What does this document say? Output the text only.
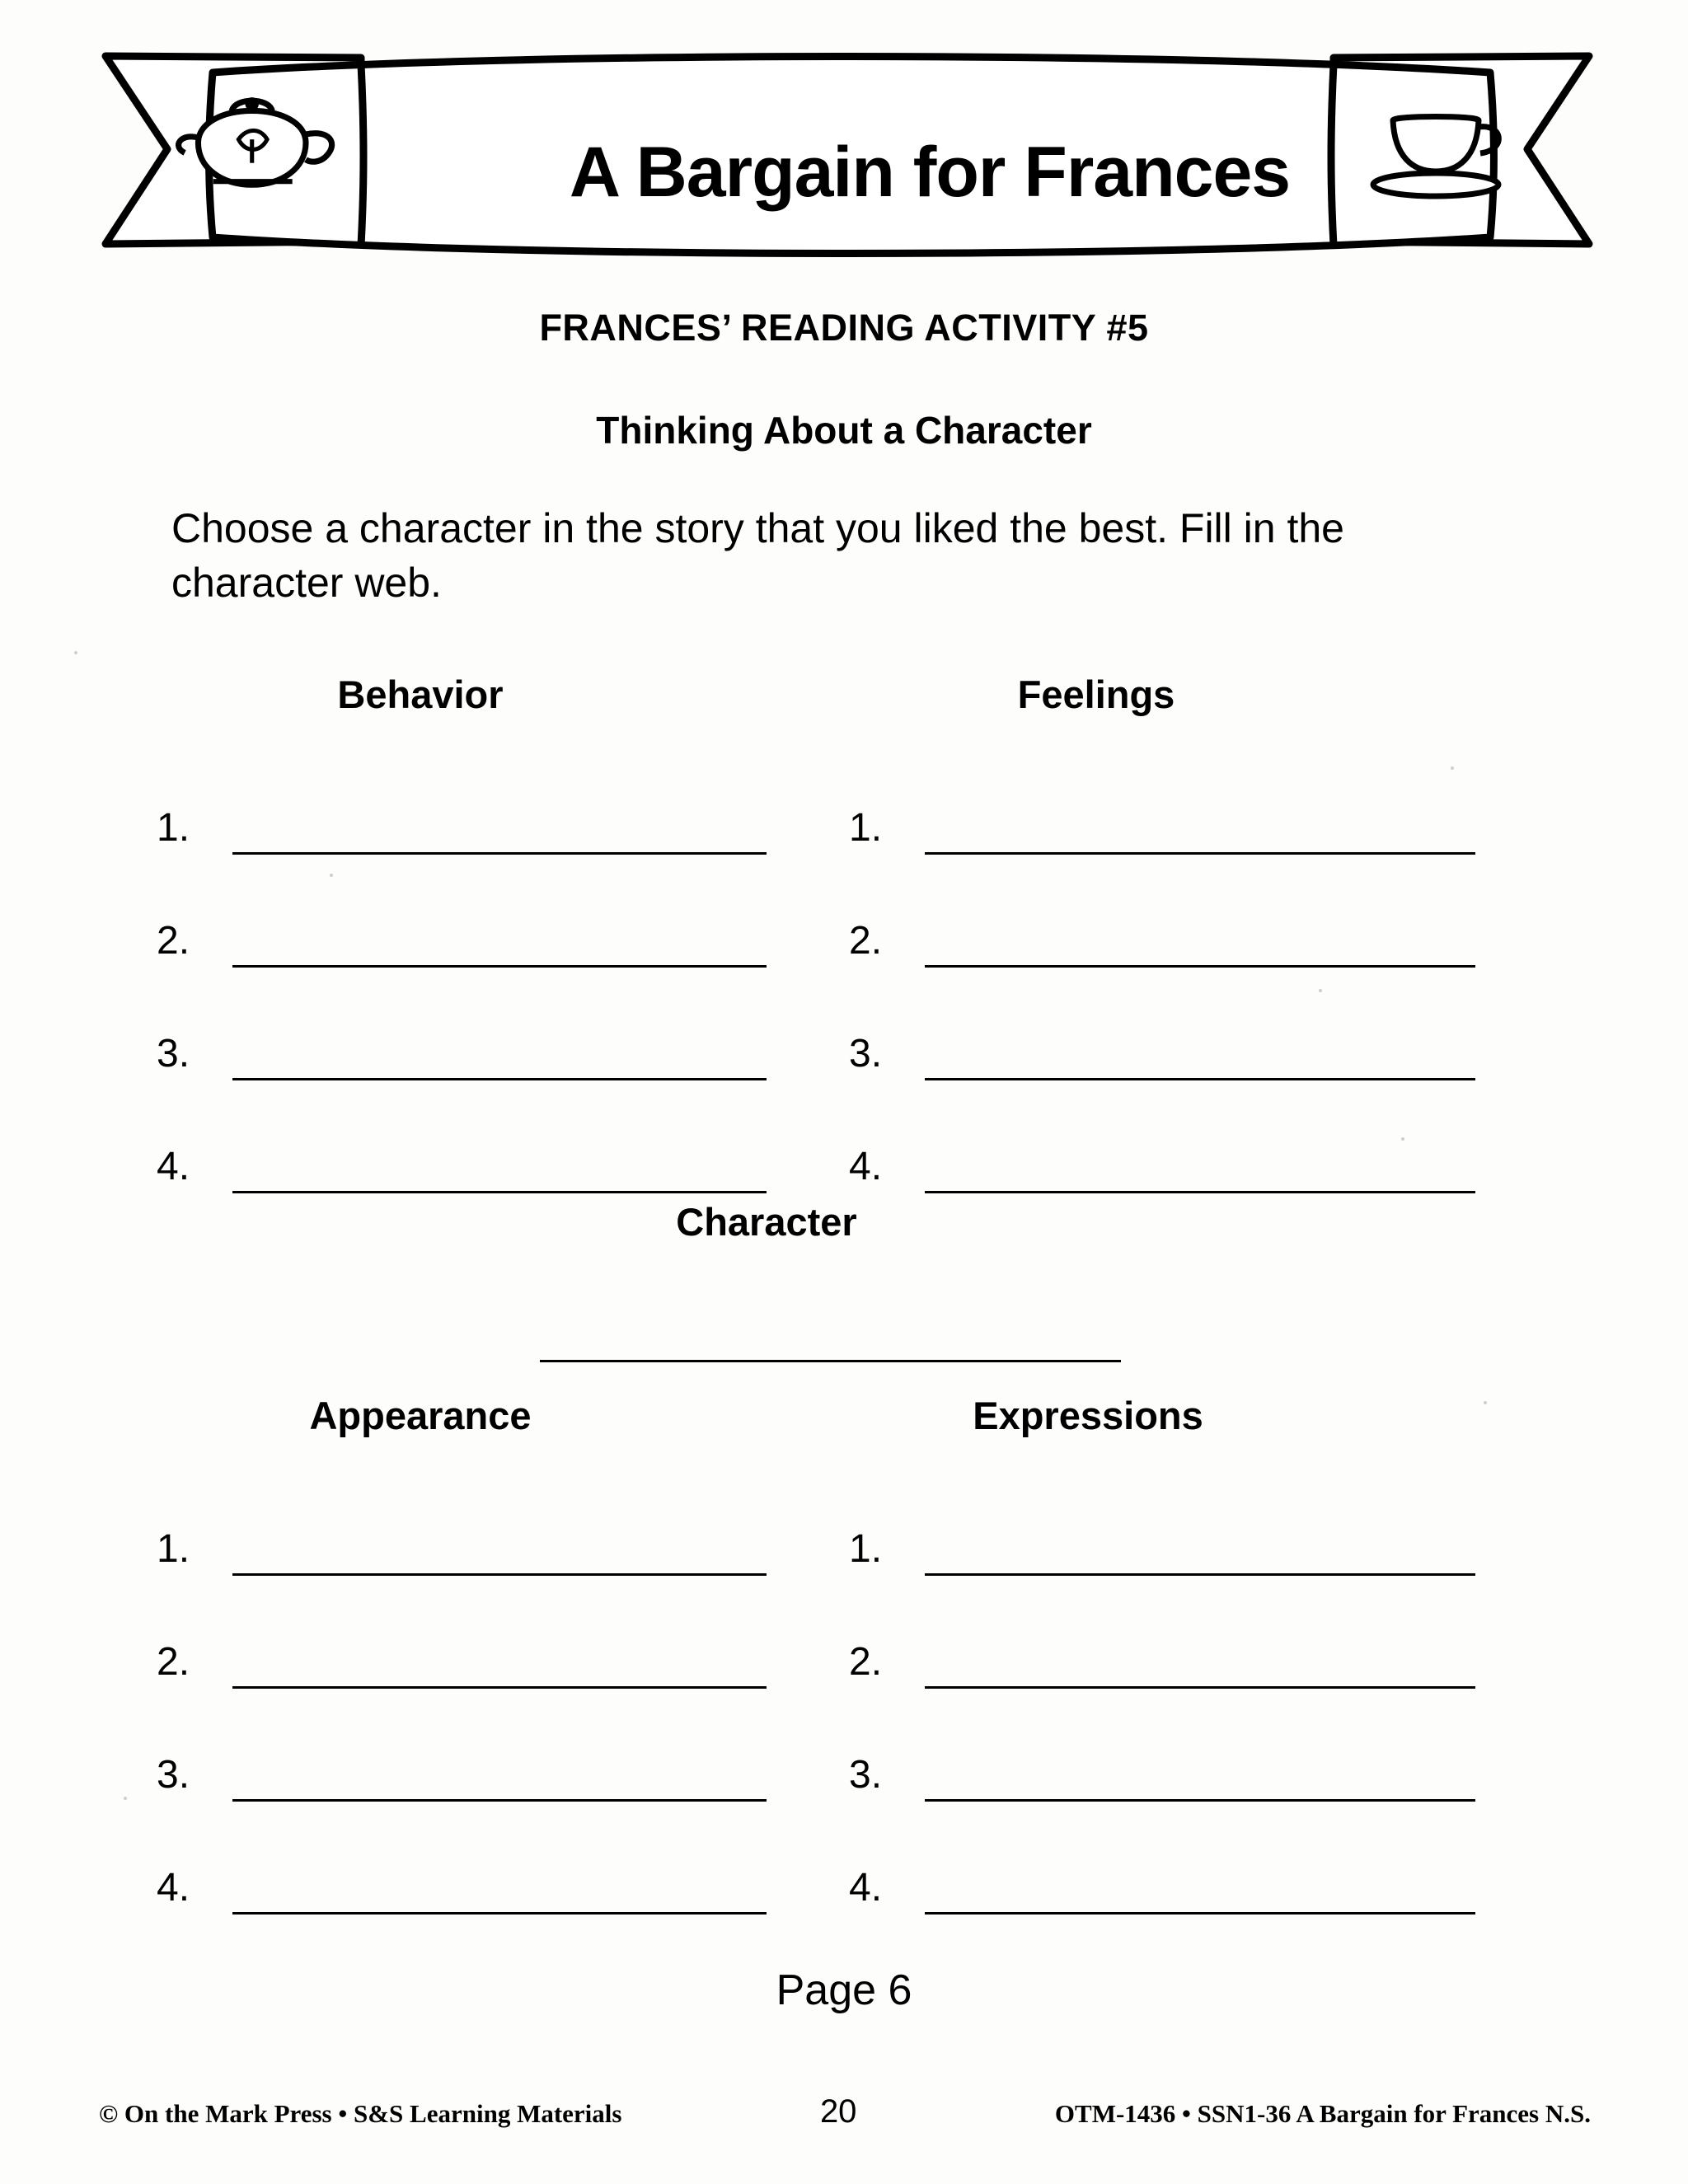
A Bargain for Frances
FRANCES’ READING ACTIVITY #5
Thinking About a Character
Choose a character in the story that you liked the best. Fill in the character web.
Behavior
1.
2.
3.
4.
Feelings
1.
2.
3.
4.
Character
Appearance
1.
2.
3.
4.
Expressions
1.
2.
3.
4.
Page 6
© On the Mark Press • S&S Learning Materials	20	OTM-1436 • SSN1-36 A Bargain for Frances N.S.
